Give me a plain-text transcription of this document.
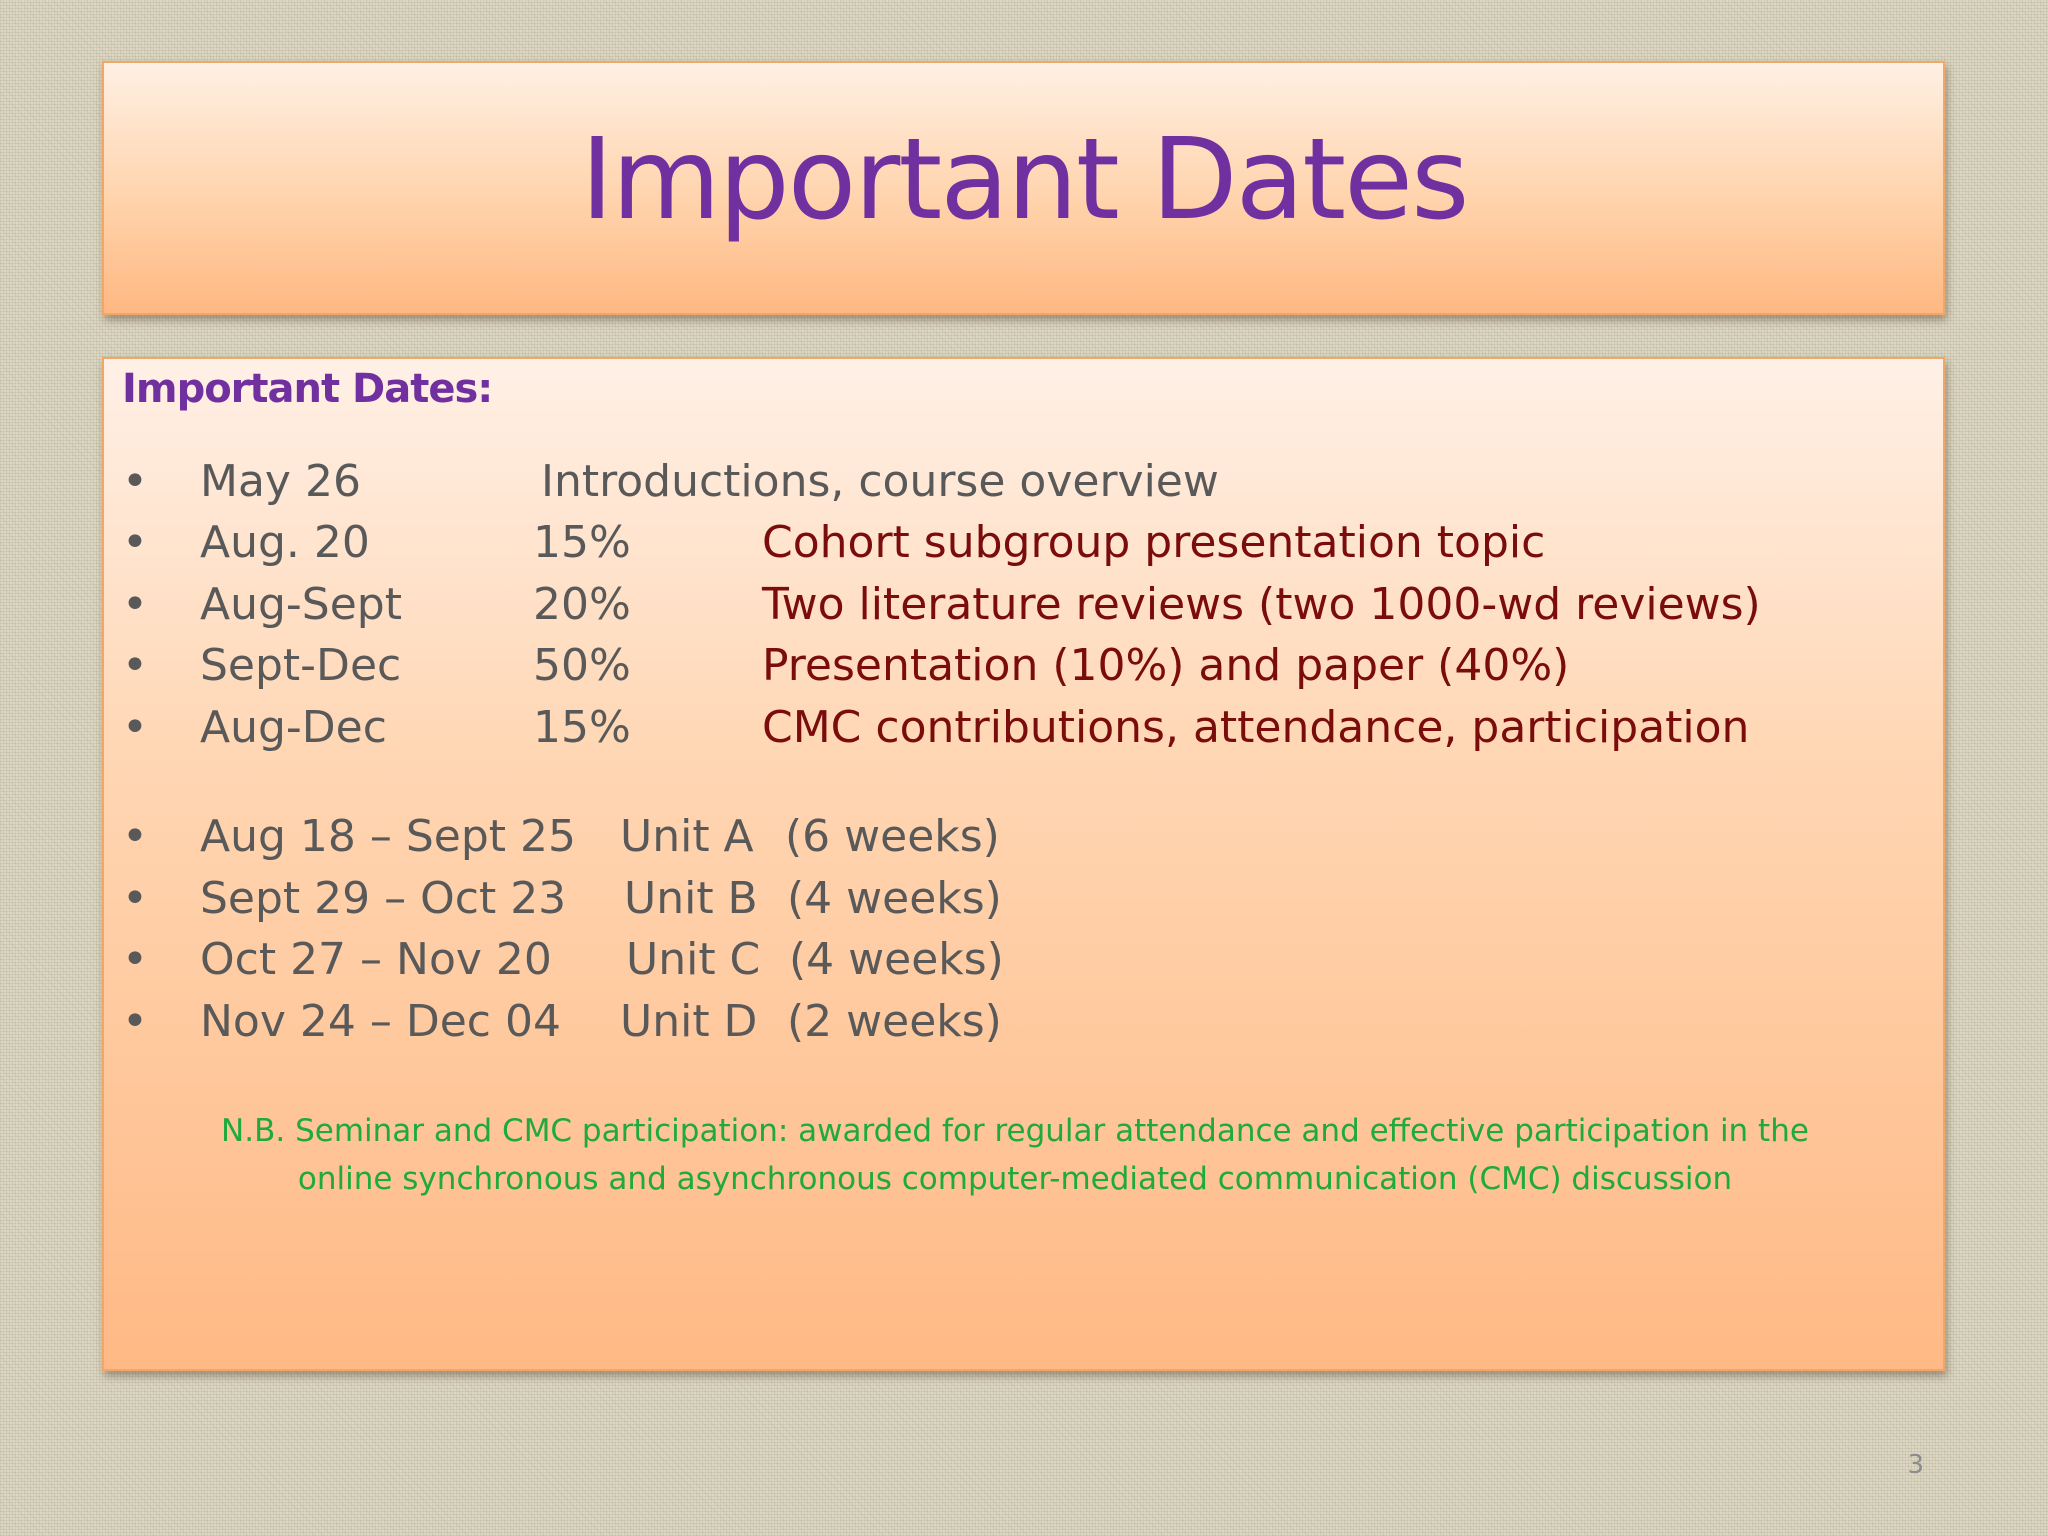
Important Dates
Important Dates:
• May 26	Introductions, course overview
• Aug. 20	15%	Cohort subgroup presentation topic
• Aug-Sept	20%	Two literature reviews (two 1000-wd reviews)
• Sept-Dec	50%	Presentation (10%) and paper (40%)
• Aug-Dec	15%	CMC contributions, attendance, participation
• Aug 18 – Sept 25 Unit A (6 weeks)
• Sept 29 – Oct 23 Unit B (4 weeks)
• Oct 27 – Nov 20 Unit C (4 weeks)
• Nov 24 – Dec 04 Unit D (2 weeks)
N.B. Seminar and CMC participation: awarded for regular attendance and effective participation in the
online synchronous and asynchronous computer-mediated communication (CMC) discussion
3
